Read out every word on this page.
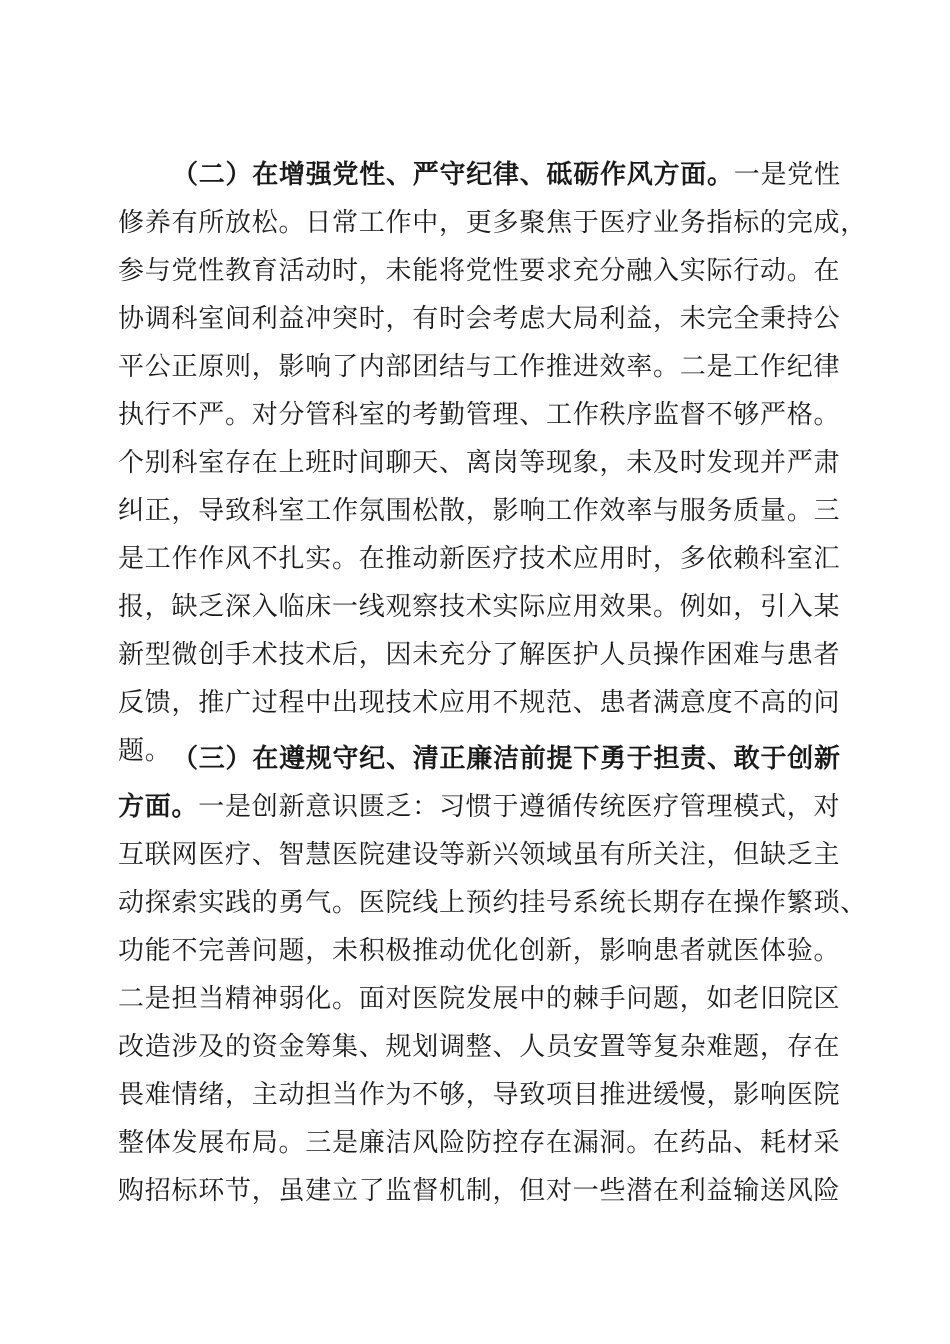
（二）在增强党性、严守纪律、砥砺作风方面。一是党性
修养有所放松。日常工作中，更多聚焦于医疗业务指标的完成，
参与党性教育活动时，未能将党性要求充分融入实际行动。在
协调科室间利益冲突时，有时会考虑大局利益，未完全秉持公
平公正原则，影响了内部团结与工作推进效率。二是工作纪律
执行不严。对分管科室的考勤管理、工作秩序监督不够严格。
个别科室存在上班时间聊天、离岗等现象，未及时发现并严肃
纠正，导致科室工作氛围松散，影响工作效率与服务质量。三
是工作作风不扎实。在推动新医疗技术应用时，多依赖科室汇
报，缺乏深入临床一线观察技术实际应用效果。例如，引入某
新型微创手术技术后，因未充分了解医护人员操作困难与患者
反馈，推广过程中出现技术应用不规范、患者满意度不高的问
题。 （三）在遵规守纪、清正廉洁前提下勇于担责、敢于创新
方面。一是创新意识匮乏：习惯于遵循传统医疗管理模式，对
互联网医疗、智慧医院建设等新兴领域虽有所关注，但缺乏主
动探索实践的勇气。医院线上预约挂号系统长期存在操作繁琐、
功能不完善问题，未积极推动优化创新，影响患者就医体验。
二是担当精神弱化。面对医院发展中的棘手问题，如老旧院区
改造涉及的资金筹集、规划调整、人员安置等复杂难题，存在
畏难情绪，主动担当作为不够，导致项目推进缓慢，影响医院
整体发展布局。三是廉洁风险防控存在漏洞。在药品、耗材采
购招标环节，虽建立了监督机制，但对一些潜在利益输送风险
